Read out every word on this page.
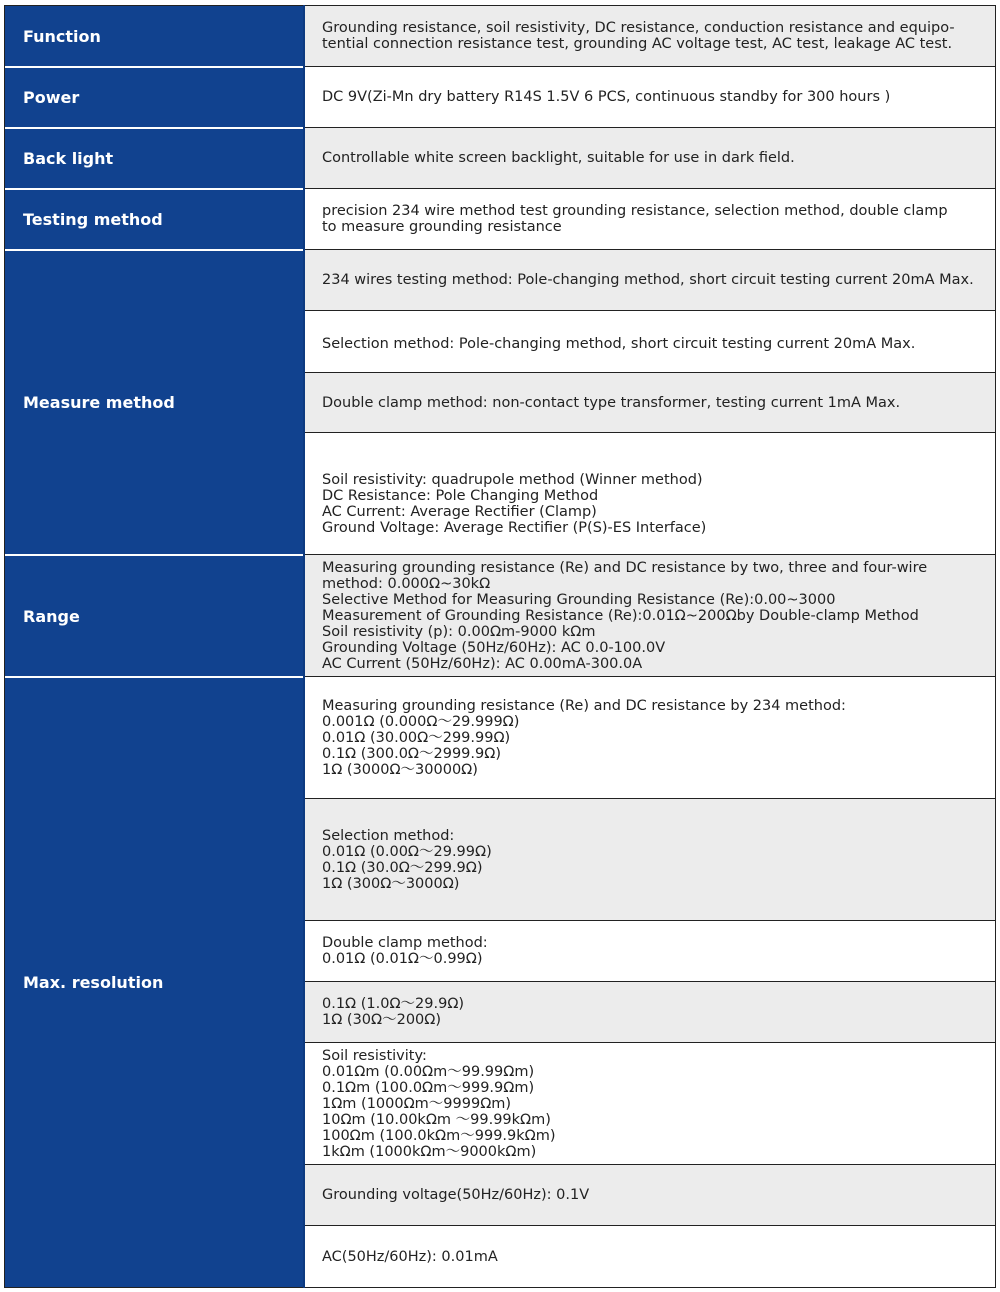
Function
Power
Back light
Testing method
Measure method
Range
Max. resolution
Grounding resistance, soil resistivity, DC resistance, conduction resistance and equipo-
tential connection resistance test, grounding AC voltage test, AC test, leakage AC test.
DC 9V(Zi-Mn dry battery R14S 1.5V 6 PCS, continuous standby for 300 hours )
Controllable white screen backlight, suitable for use in dark field.
precision 234 wire method test grounding resistance, selection method, double clamp
to measure grounding resistance
234 wires testing method: Pole-changing method, short circuit testing current 20mA Max.
Selection method: Pole-changing method, short circuit testing current 20mA Max.
Double clamp method: non-contact type transformer, testing current 1mA Max.
Soil resistivity: quadrupole method (Winner method)
DC Resistance: Pole Changing Method
AC Current: Average Rectifier (Clamp)
Ground Voltage: Average Rectifier (P(S)-ES Interface)
Measuring grounding resistance (Re) and DC resistance by two, three and four-wire
method: 0.000Ω~30kΩ
Selective Method for Measuring Grounding Resistance (Re):0.00~3000
Measurement of Grounding Resistance (Re):0.01Ω~200Ωby Double-clamp Method
Soil resistivity (p): 0.00Ωm-9000 kΩm
Grounding Voltage (50Hz/60Hz): AC 0.0-100.0V
AC Current (50Hz/60Hz): AC 0.00mA-300.0A
Measuring grounding resistance (Re) and DC resistance by 234 method:
0.001Ω (0.000Ω～29.999Ω)
0.01Ω (30.00Ω～299.99Ω)
0.1Ω (300.0Ω～2999.9Ω)
1Ω (3000Ω～30000Ω)
Selection method:
0.01Ω (0.00Ω～29.99Ω)
0.1Ω (30.0Ω～299.9Ω)
1Ω (300Ω～3000Ω)
Double clamp method:
0.01Ω (0.01Ω～0.99Ω)
0.1Ω (1.0Ω～29.9Ω)
1Ω (30Ω～200Ω)
Soil resistivity:
0.01Ωm (0.00Ωm～99.99Ωm)
0.1Ωm (100.0Ωm～999.9Ωm)
1Ωm (1000Ωm～9999Ωm)
10Ωm (10.00kΩm ～99.99kΩm)
100Ωm (100.0kΩm～999.9kΩm)
1kΩm (1000kΩm～9000kΩm)
Grounding voltage(50Hz/60Hz): 0.1V
AC(50Hz/60Hz): 0.01mA
